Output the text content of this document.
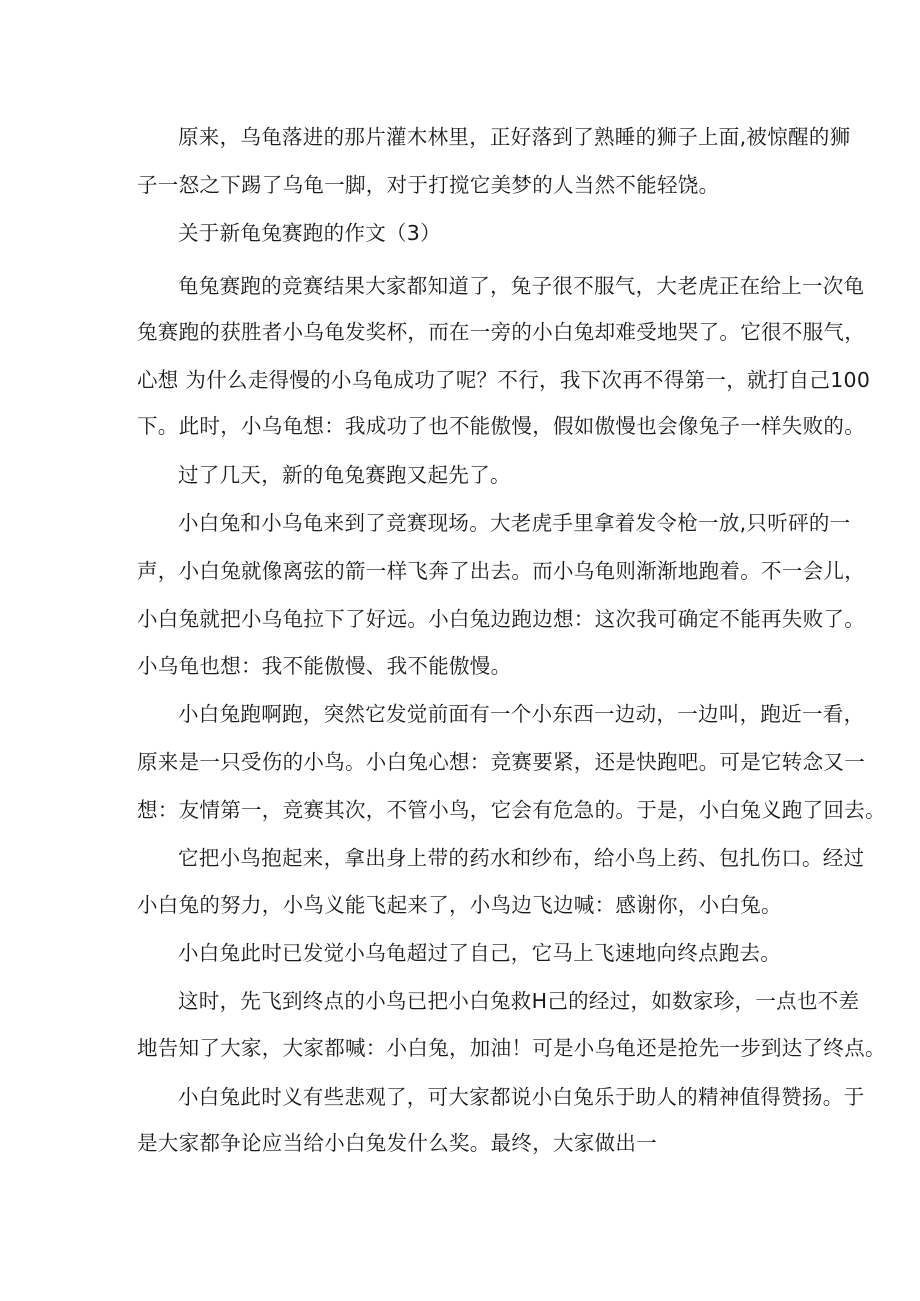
原来，乌龟落进的那片灌木林里，正好落到了熟睡的狮子上面,被惊醒的狮
子一怒之下踢了乌龟一脚，对于打搅它美梦的人当然不能轻饶。
关于新龟兔赛跑的作文（3）
龟兔赛跑的竞赛结果大家都知道了，兔子很不服气，大老虎正在给上一次龟
兔赛跑的获胜者小乌龟发奖杯，而在一旁的小白兔却难受地哭了。它很不服气，
心想 为什么走得慢的小乌龟成功了呢？不行，我下次再不得第一，就打自己100
下。此时，小乌龟想：我成功了也不能傲慢，假如傲慢也会像兔子一样失败的。
过了几天，新的龟兔赛跑又起先了。
小白兔和小乌龟来到了竞赛现场。大老虎手里拿着发令枪一放,只听砰的一
声，小白兔就像离弦的箭一样飞奔了出去。而小乌龟则渐渐地跑着。不一会儿，
小白兔就把小乌龟拉下了好远。小白兔边跑边想：这次我可确定不能再失败了。
小乌龟也想：我不能傲慢、我不能傲慢。
小白兔跑啊跑，突然它发觉前面有一个小东西一边动，一边叫，跑近一看，
原来是一只受伤的小鸟。小白兔心想：竞赛要紧，还是快跑吧。可是它转念又一
想：友情第一，竞赛其次，不管小鸟，它会有危急的。于是，小白兔义跑了回去。
它把小鸟抱起来，拿出身上带的药水和纱布，给小鸟上药、包扎伤口。经过
小白兔的努力，小鸟义能飞起来了，小鸟边飞边喊：感谢你，小白兔。
小白兔此时已发觉小乌龟超过了自己，它马上飞速地向终点跑去。
这时，先飞到终点的小鸟已把小白兔救H己的经过，如数家珍，一点也不差
地告知了大家，大家都喊：小白兔，加油！可是小乌龟还是抢先一步到达了终点。
小白兔此时义有些悲观了，可大家都说小白兔乐于助人的精神值得赞扬。于
是大家都争论应当给小白兔发什么奖。最终，大家做出一
